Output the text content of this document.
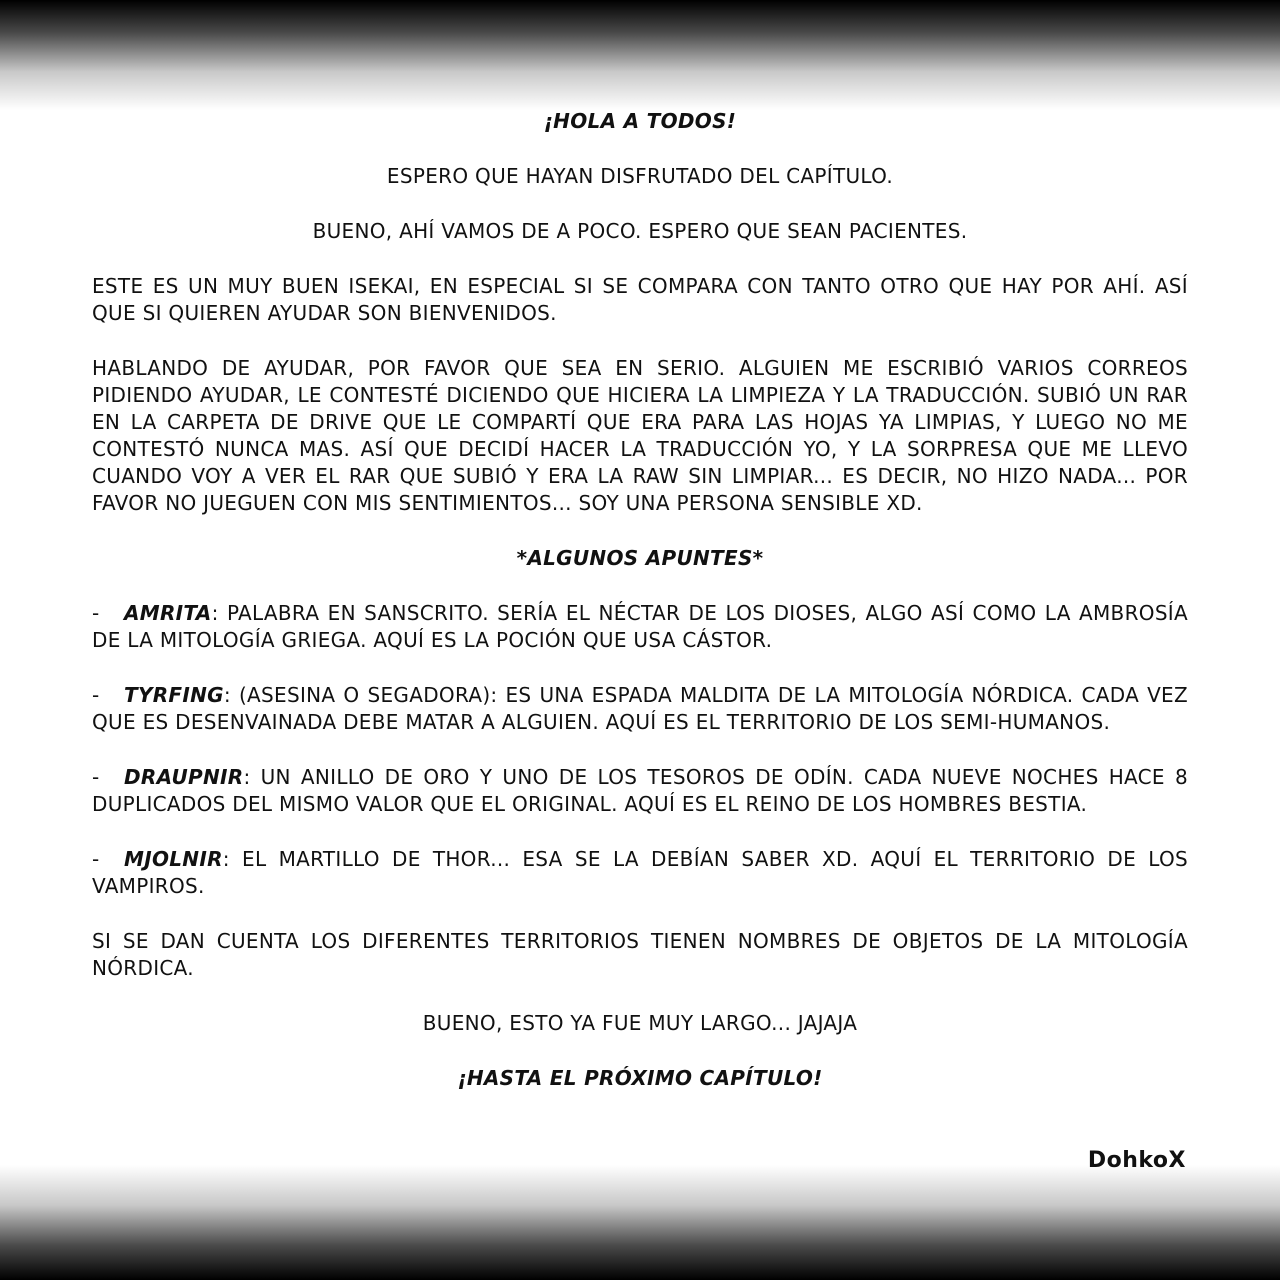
¡HOLA A TODOS!

ESPERO QUE HAYAN DISFRUTADO DEL CAPÍTULO.

BUENO, AHÍ VAMOS DE A POCO. ESPERO QUE SEAN PACIENTES.

ESTE ES UN MUY BUEN ISEKAI, EN ESPECIAL SI SE COMPARA CON TANTO OTRO QUE HAY POR AHÍ. ASÍ QUE SI QUIEREN AYUDAR SON BIENVENIDOS.

HABLANDO DE AYUDAR, POR FAVOR QUE SEA EN SERIO. ALGUIEN ME ESCRIBIÓ VARIOS CORREOS PIDIENDO AYUDAR, LE CONTESTÉ DICIENDO QUE HICIERA LA LIMPIEZA Y LA TRADUCCIÓN. SUBIÓ UN RAR EN LA CARPETA DE DRIVE QUE LE COMPARTÍ QUE ERA PARA LAS HOJAS YA LIMPIAS, Y LUEGO NO ME CONTESTÓ NUNCA MAS. ASÍ QUE DECIDÍ HACER LA TRADUCCIÓN YO, Y LA SORPRESA QUE ME LLEVO CUANDO VOY A VER EL RAR QUE SUBIÓ Y ERA LA RAW SIN LIMPIAR... ES DECIR, NO HIZO NADA... POR FAVOR NO JUEGUEN CON MIS SENTIMIENTOS... SOY UNA PERSONA SENSIBLE XD.

*ALGUNOS APUNTES*

- AMRITA: PALABRA EN SANSCRITO. SERÍA EL NÉCTAR DE LOS DIOSES, ALGO ASÍ COMO LA AMBROSÍA DE LA MITOLOGÍA GRIEGA. AQUÍ ES LA POCIÓN QUE USA CÁSTOR.

- TYRFING: (ASESINA O SEGADORA): ES UNA ESPADA MALDITA DE LA MITOLOGÍA NÓRDICA. CADA VEZ QUE ES DESENVAINADA DEBE MATAR A ALGUIEN. AQUÍ ES EL TERRITORIO DE LOS SEMI-HUMANOS.

- DRAUPNIR: UN ANILLO DE ORO Y UNO DE LOS TESOROS DE ODÍN. CADA NUEVE NOCHES HACE 8 DUPLICADOS DEL MISMO VALOR QUE EL ORIGINAL. AQUÍ ES EL REINO DE LOS HOMBRES BESTIA.

- MJOLNIR: EL MARTILLO DE THOR... ESA SE LA DEBÍAN SABER XD. AQUÍ EL TERRITORIO DE LOS VAMPIROS.

SI SE DAN CUENTA LOS DIFERENTES TERRITORIOS TIENEN NOMBRES DE OBJETOS DE LA MITOLOGÍA NÓRDICA.

BUENO, ESTO YA FUE MUY LARGO... JAJAJA

¡HASTA EL PRÓXIMO CAPÍTULO!

DohkoX
